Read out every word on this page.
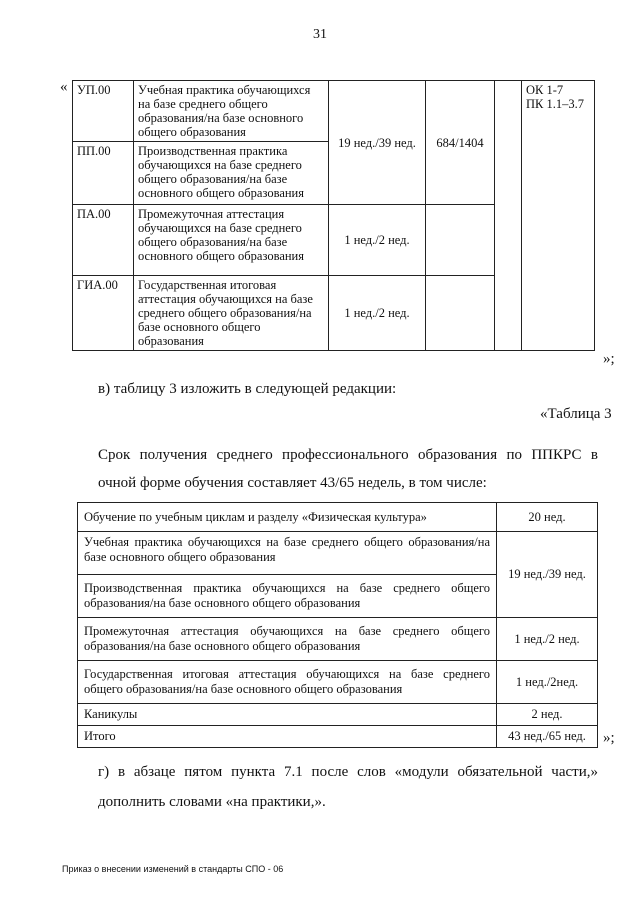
31
« УП.00	Учебная практика обучающихся на базе среднего общего образования/на базе основного общего образования	19 нед./39 нед.	684/1404		ОК 1-7
ПК 1.1–3.7

ПП.00	Производственная практика обучающихся на базе среднего общего образования/на базе основного общего образования				
ПА.00	Промежуточная аттестация обучающихся на базе среднего общего образования/на базе основного общего образования	1 нед./2 нед.			
ГИА.00	Государственная итоговая аттестация обучающихся на базе среднего общего образования/на базе основного общего образования	1 нед./2 нед.			
»;
в) таблицу 3 изложить в следующей редакции:
«Таблица 3
Срок получения среднего профессионального образования по ППКРС в очной форме обучения составляет 43/65 недель, в том числе:
Обучение по учебным циклам и разделу «Физическая культура»	20 нед.
Учебная практика обучающихся на базе среднего общего образования/на базе основного общего образования	19 нед./39 нед.
Производственная практика обучающихся на базе среднего общего образования/на базе основного общего образования	
Промежуточная аттестация обучающихся на базе среднего общего образования/на базе основного общего образования	1 нед./2 нед.
Государственная итоговая аттестация обучающихся на базе среднего общего образования/на базе основного общего образования	1 нед./2нед.
Каникулы	2 нед.
Итого	43 нед./65 нед. »;
г) в абзаце пятом пункта 7.1 после слов «модули обязательной части,» дополнить словами «на практики,».
Приказ о внесении изменений в стандарты СПО - 06
